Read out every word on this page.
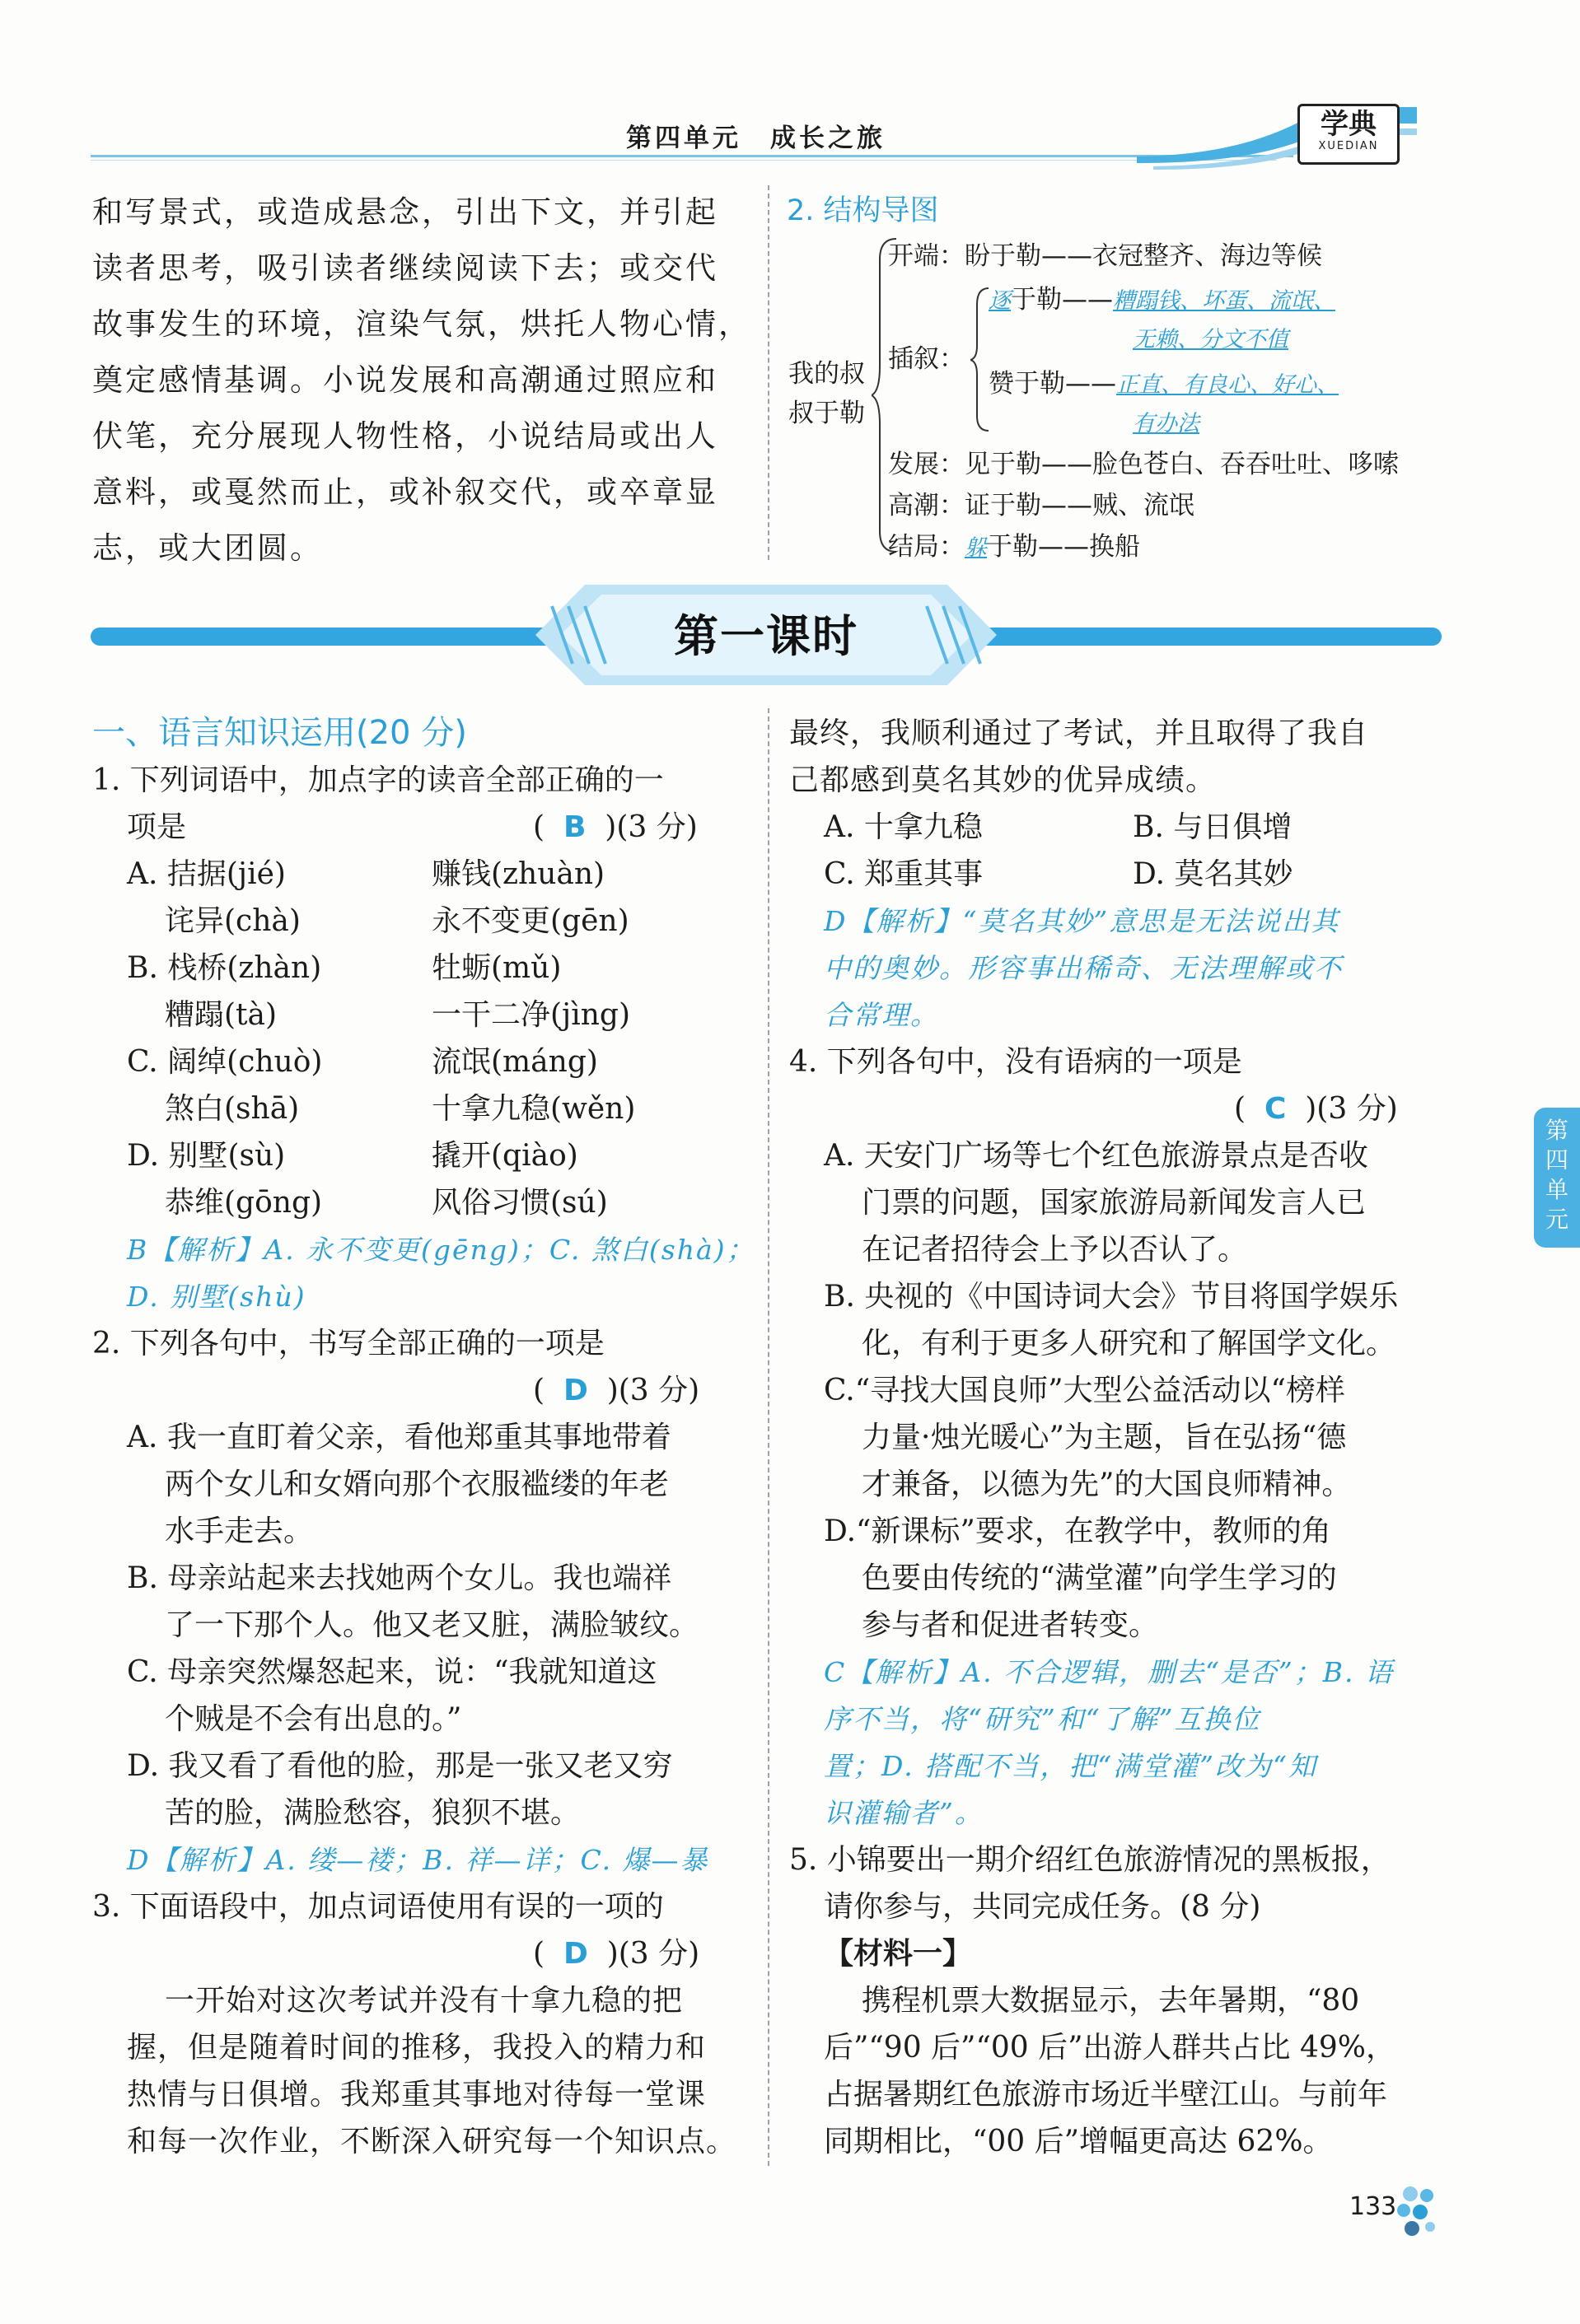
第四单元　成长之旅	学典
XUEDIAN

和写景式，或造成悬念，引出下文，并引起

读者思考，吸引读者继续阅读下去；或交代

故事发生的环境，渲染气氛，烘托人物心情，

奠定感情基调。小说发展和高潮通过照应和

伏笔，充分展现人物性格，小说结局或出人

意料，或戛然而止，或补叙交代，或卒章显

志，或大团圆。

2. 结构导图
我的叔
叔于勒
开端：盼于勒——衣冠整齐、海边等候
插叙：
逐于勒——糟蹋钱、坏蛋、流氓、
无赖、分文不值
赞于勒——正直、有良心、好心、
有办法
发展：见于勒——脸色苍白、吞吞吐吐、哆嗦
高潮：证于勒——贼、流氓
结局：躲于勒——换船
第一课时
一、语言知识运用(20 分)
1. 下列词语中，加点字的读音全部正确的一
项是	(  B )(3 分)
A. 拮据(jié)	赚钱(zhuàn)
诧异(chà)	永不变更(gēn)
B. 栈桥(zhàn)	牡蛎(mǔ)
糟蹋(tà)	一干二净(jìng)
C. 阔绰(chuò)	流氓(máng)
煞白(shā)	十拿九稳(wěn)
D. 别墅(sù)	撬开(qiào)
恭维(gōng)	风俗习惯(sú)
B【解析】A. 永不变更(gēng)；C. 煞白(shà)；
D. 别墅(shù)
2. 下列各句中，书写全部正确的一项是
(  D )(3 分)
A. 我一直盯着父亲，看他郑重其事地带着
两个女儿和女婿向那个衣服褴缕的年老
水手走去。
B. 母亲站起来去找她两个女儿。我也端祥
了一下那个人。他又老又脏，满脸皱纹。
C. 母亲突然爆怒起来，说：“我就知道这
个贼是不会有出息的。”
D. 我又看了看他的脸，那是一张又老又穷
苦的脸，满脸愁容，狼狈不堪。
D【解析】A. 缕—褛；B. 祥—详；C. 爆—暴
3. 下面语段中，加点词语使用有误的一项的
(  D )(3 分)
一开始对这次考试并没有十拿九稳的把
握，但是随着时间的推移，我投入的精力和
热情与日俱增。我郑重其事地对待每一堂课
和每一次作业，不断深入研究每一个知识点。
最终，我顺利通过了考试，并且取得了我自
己都感到莫名其妙的优异成绩。
A. 十拿九稳	B. 与日俱增
C. 郑重其事	D. 莫名其妙
D【解析】“莫名其妙”意思是无法说出其
中的奥妙。形容事出稀奇、无法理解或不
合常理。
4. 下列各句中，没有语病的一项是
(  C )(3 分)
A. 天安门广场等七个红色旅游景点是否收
门票的问题，国家旅游局新闻发言人已
在记者招待会上予以否认了。
B. 央视的《中国诗词大会》节目将国学娱乐
化，有利于更多人研究和了解国学文化。
C.“寻找大国良师”大型公益活动以“榜样
力量·烛光暖心”为主题，旨在弘扬“德
才兼备，以德为先”的大国良师精神。
D.“新课标”要求，在教学中，教师的角
色要由传统的“满堂灌”向学生学习的
参与者和促进者转变。
C【解析】A. 不合逻辑，删去“是否”；B. 语
序不当，将“研究”和“了解”互换位
置；D. 搭配不当，把“满堂灌”改为“知
识灌输者”。
5. 小锦要出一期介绍红色旅游情况的黑板报，
请你参与，共同完成任务。(8 分)
【材料一】
携程机票大数据显示，去年暑期，“80
后”“90 后”“00 后”出游人群共占比 49%，
占据暑期红色旅游市场近半壁江山。与前年
同期相比，“00 后”增幅更高达 62%。
第
四
单
元
133
